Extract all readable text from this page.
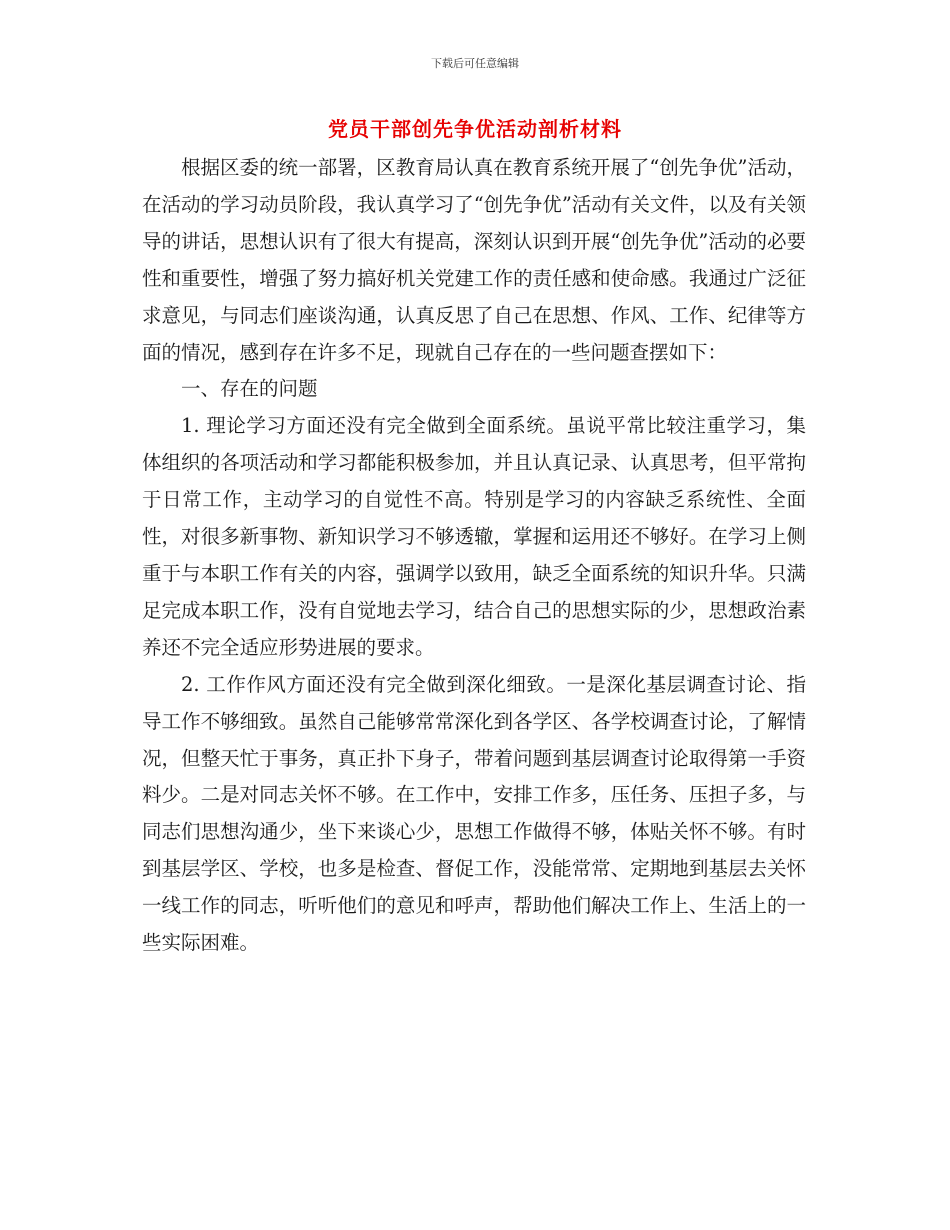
下载后可任意编辑
党员干部创先争优活动剖析材料

根据区委的统一部署，区教育局认真在教育系统开展了“创先争优”活动，在活动的学习动员阶段，我认真学习了“创先争优”活动有关文件，以及有关领导的讲话，思想认识有了很大有提高，深刻认识到开展“创先争优”活动的必要性和重要性，增强了努力搞好机关党建工作的责任感和使命感。我通过广泛征求意见，与同志们座谈沟通，认真反思了自己在思想、作风、工作、纪律等方面的情况，感到存在许多不足，现就自己存在的一些问题查摆如下：

一、存在的问题

1. 理论学习方面还没有完全做到全面系统。虽说平常比较注重学习，集体组织的各项活动和学习都能积极参加，并且认真记录、认真思考，但平常拘于日常工作，主动学习的自觉性不高。特别是学习的内容缺乏系统性、全面性，对很多新事物、新知识学习不够透辙，掌握和运用还不够好。在学习上侧重于与本职工作有关的内容，强调学以致用，缺乏全面系统的知识升华。只满足完成本职工作，没有自觉地去学习，结合自己的思想实际的少，思想政治素养还不完全适应形势进展的要求。

2. 工作作风方面还没有完全做到深化细致。一是深化基层调查讨论、指导工作不够细致。虽然自己能够常常深化到各学区、各学校调查讨论，了解情况，但整天忙于事务，真正扑下身子，带着问题到基层调查讨论取得第一手资料少。二是对同志关怀不够。在工作中，安排工作多，压任务、压担子多，与同志们思想沟通少，坐下来谈心少，思想工作做得不够，体贴关怀不够。有时到基层学区、学校，也多是检查、督促工作，没能常常、定期地到基层去关怀一线工作的同志，听听他们的意见和呼声，帮助他们解决工作上、生活上的一些实际困难。
